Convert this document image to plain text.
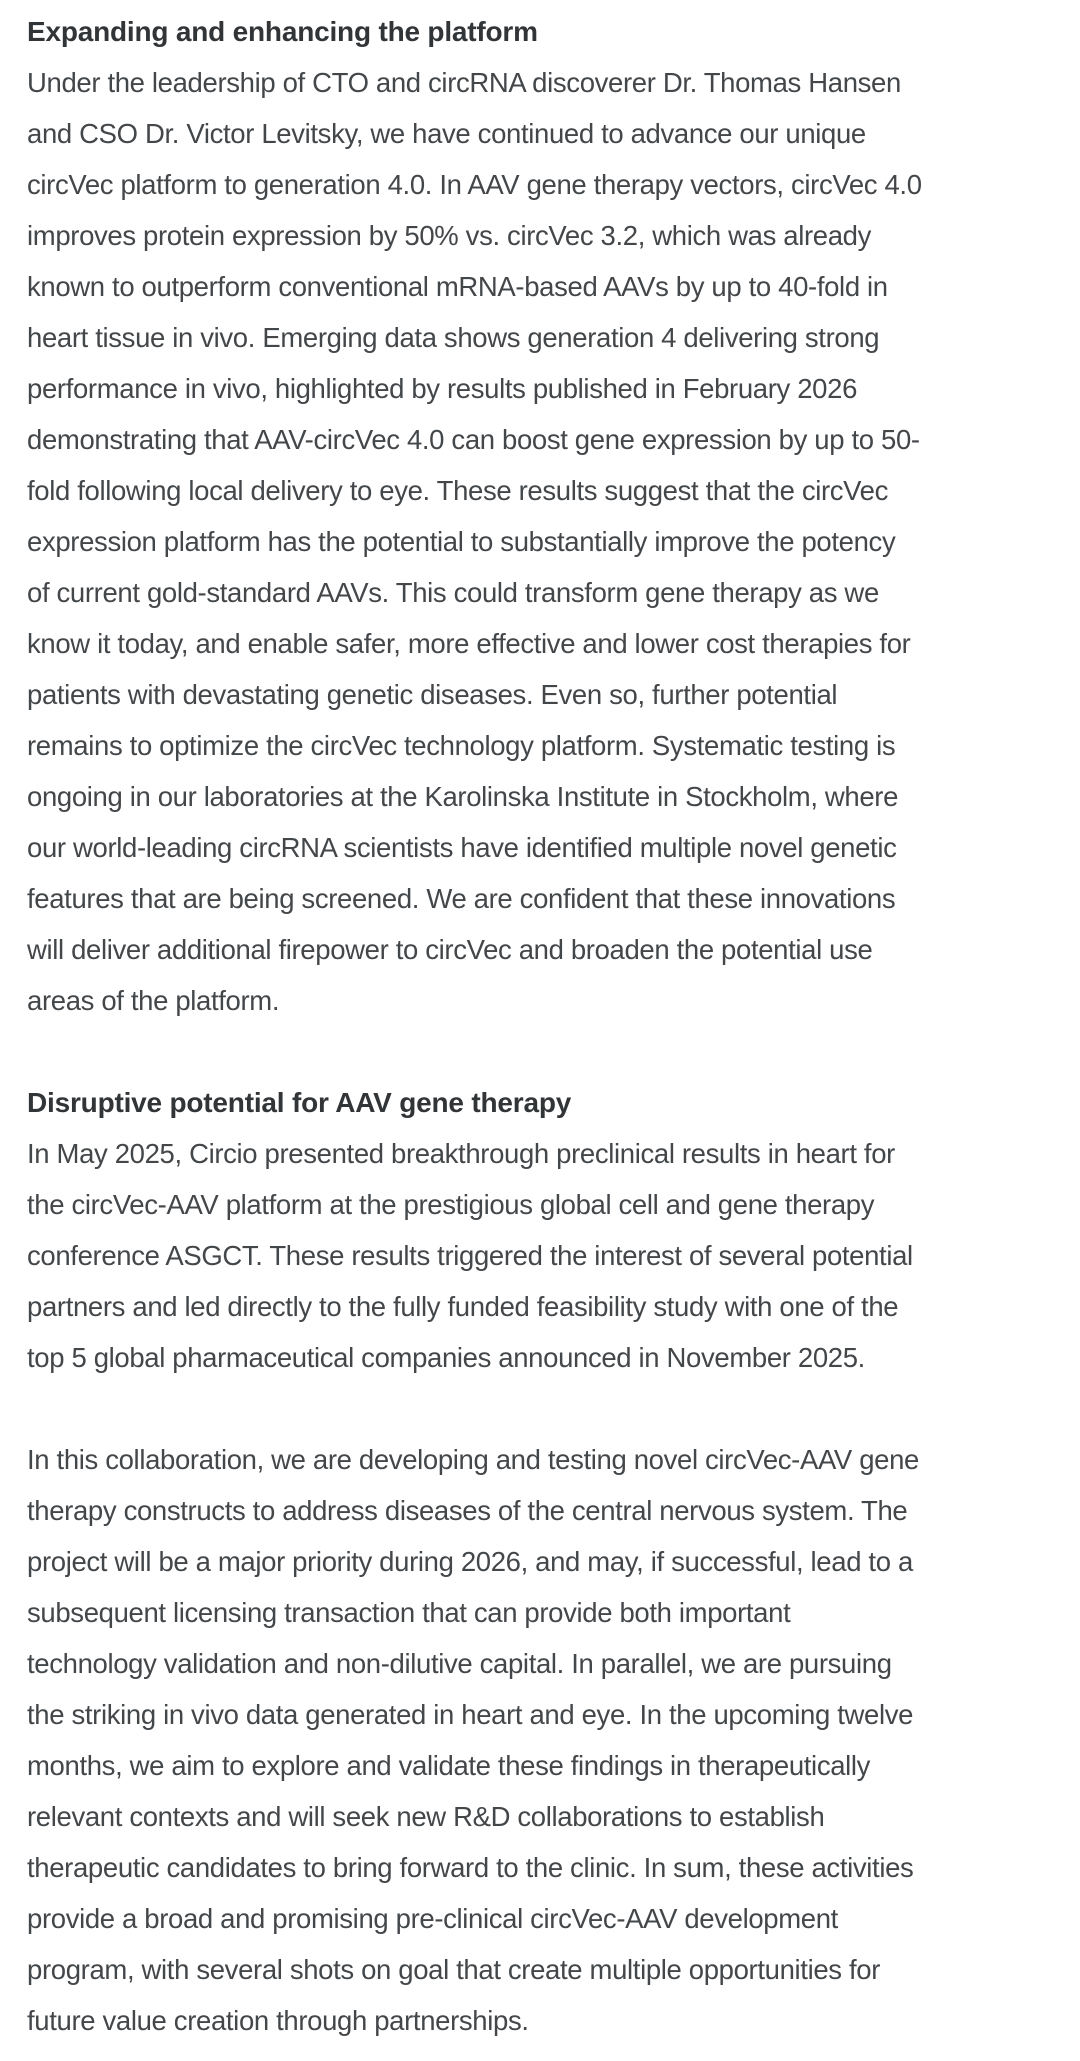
Expanding and enhancing the platform
Under the leadership of CTO and circRNA discoverer Dr. Thomas Hansen
and CSO Dr. Victor Levitsky, we have continued to advance our unique
circVec platform to generation 4.0. In AAV gene therapy vectors, circVec 4.0
improves protein expression by 50% vs. circVec 3.2, which was already
known to outperform conventional mRNA-based AAVs by up to 40-fold in
heart tissue in vivo. Emerging data shows generation 4 delivering strong
performance in vivo, highlighted by results published in February 2026
demonstrating that AAV-circVec 4.0 can boost gene expression by up to 50-
fold following local delivery to eye. These results suggest that the circVec
expression platform has the potential to substantially improve the potency
of current gold-standard AAVs. This could transform gene therapy as we
know it today, and enable safer, more effective and lower cost therapies for
patients with devastating genetic diseases. Even so, further potential
remains to optimize the circVec technology platform. Systematic testing is
ongoing in our laboratories at the Karolinska Institute in Stockholm, where
our world-leading circRNA scientists have identified multiple novel genetic
features that are being screened. We are confident that these innovations
will deliver additional firepower to circVec and broaden the potential use
areas of the platform.
Disruptive potential for AAV gene therapy
In May 2025, Circio presented breakthrough preclinical results in heart for
the circVec-AAV platform at the prestigious global cell and gene therapy
conference ASGCT. These results triggered the interest of several potential
partners and led directly to the fully funded feasibility study with one of the
top 5 global pharmaceutical companies announced in November 2025.
In this collaboration, we are developing and testing novel circVec-AAV gene
therapy constructs to address diseases of the central nervous system. The
project will be a major priority during 2026, and may, if successful, lead to a
subsequent licensing transaction that can provide both important
technology validation and non-dilutive capital. In parallel, we are pursuing
the striking in vivo data generated in heart and eye. In the upcoming twelve
months, we aim to explore and validate these findings in therapeutically
relevant contexts and will seek new R&D collaborations to establish
therapeutic candidates to bring forward to the clinic. In sum, these activities
provide a broad and promising pre-clinical circVec-AAV development
program, with several shots on goal that create multiple opportunities for
future value creation through partnerships.
